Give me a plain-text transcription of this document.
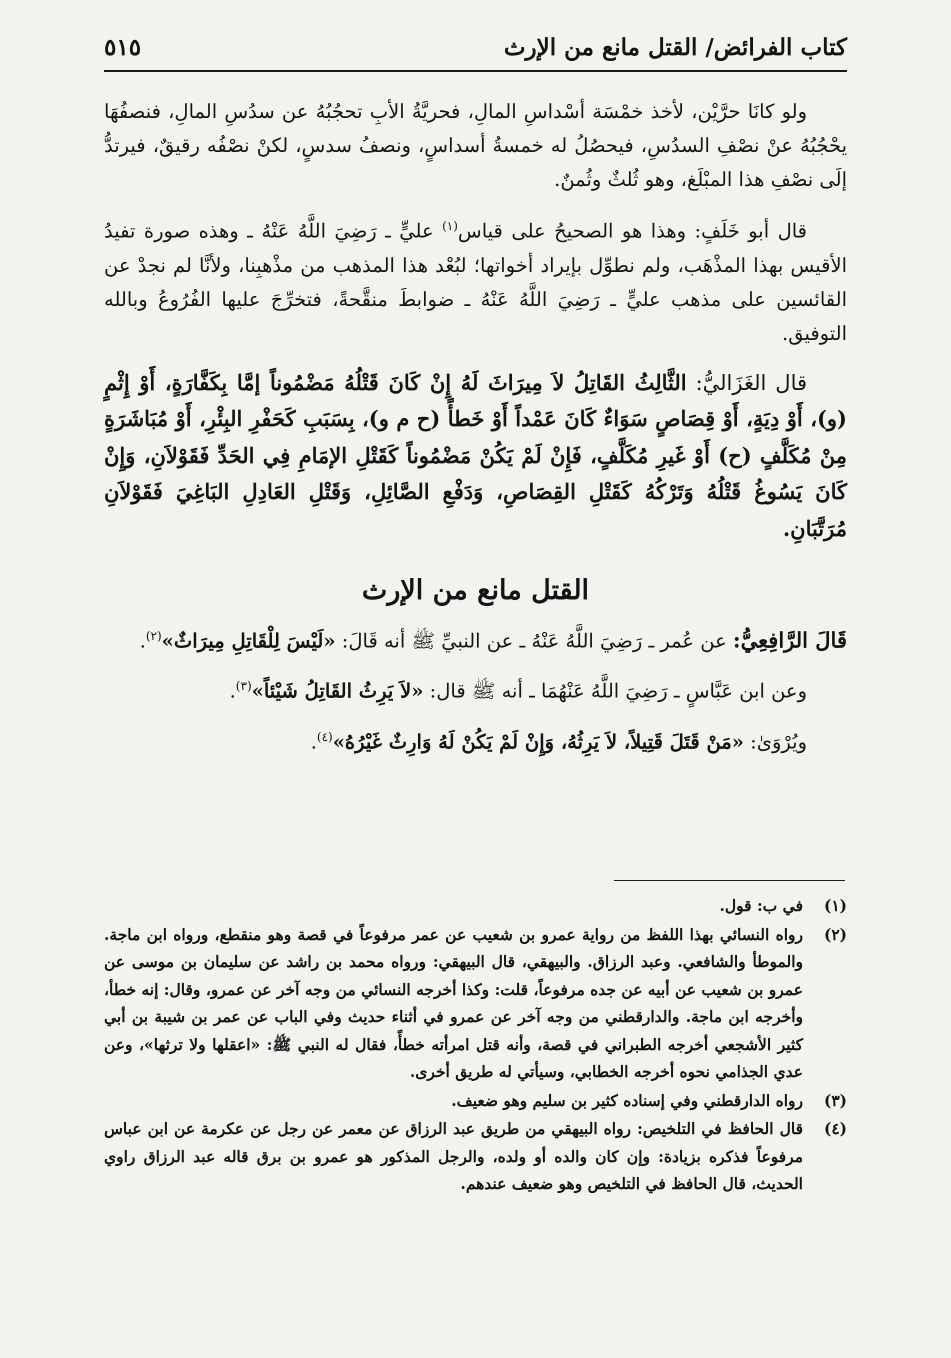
كتاب الفرائض/ القتل مانع من الإرث
٥١٥

ولو كانَا حرَّيْن، لأخذ خمْسَة أسْداسِ المالِ، فحريَّةُ الأبِ تحجُبُهُ عن سدُسِ المالِ، فنصفُهَا يحْجُبُهُ عنْ نصْفِ السدُسِ، فيحصُلُ له خمسةُ أسداسٍ، ونصفُ سدسٍ، لكنْ نصْفُه رقيقٌ، فيرتدُّ إلَى نصْفِ هذا المبْلَغ، وهو ثُلثٌ وثُمنٌ.

قال أبو خَلَفٍ: وهذا هو الصحيحُ على قياس$^{(١)}$ عليٍّ ـ رَضِيَ اللَّهُ عَنْهُ ـ وهذه صورة تفيدُ الأقيس بهذا المذْهَب، ولم نطوِّل بإيراد أخواتها؛ لبُعْد هذا المذهب من مذْهبِنا، ولأنَّا لم نجدْ عن القائسين على مذهب عليٍّ ـ رَضِيَ اللَّهُ عَنْهُ ـ ضوابطَ منقَّحةً، فتخرِّجَ عليها الفُرُوعُ وبالله التوفيق.

قال الغَزَاليُّ: الثَّالِثُ القَاتِلُ لاَ مِيرَاثَ لَهُ إِنْ كَانَ قَتْلُهُ مَضْمُوناً إمَّا بِكَفَّارَةٍ، أَوْ إِثْمٍ (و)، أَوْ دِيَةٍ، أَوْ قِصَاصٍ سَوَاءٌ كَانَ عَمْداً أَوْ خَطأً (ح م و)، بِسَبَبِ كَحَفْرِ البِئْرِ، أَوْ مُبَاشَرَةٍ مِنْ مُكَلَّفٍ (ح) أَوْ غَيرِ مُكَلَّفٍ، فَإِنْ لَمْ يَكُنْ مَضْمُوناً كَقَتْلِ الإمَامِ فِي الحَدِّ فَقَوْلاَنِ، وَإِنْ كَانَ يَسُوغُ قَتْلُهُ وَتَرْكُهُ كَقَتْلِ القِصَاصِ، وَدَفْعِ الصَّائِلِ، وَقَتْلِ العَادِلِ البَاغِيَ فَقَوْلاَنِ مُرَتَّبَانِ.

القتل مانع من الإرث

قَالَ الرَّافِعِيُّ: عن عُمر ـ رَضِيَ اللَّهُ عَنْهُ ـ عن النبيِّ ﷺ أنه قَالَ: «لَيْسَ لِلْقَاتِلِ مِيرَاثٌ»$^{(٢)}$.

وعن ابن عَبَّاسٍ ـ رَضِيَ اللَّهُ عَنْهُمَا ـ أنه ﷺ قال: «لاَ يَرِثُ القَاتِلُ شَيْئاً»$^{(٣)}$.

ويُرْوَىٰ: «مَنْ قَتَلَ قَتِيلاً، لاَ يَرِثُهُ، وَإِنْ لَمْ يَكُنْ لَهُ وَارِثٌ غَيْرُهُ»$^{(٤)}$.

(١)
في ب: قول.
(٢)
رواه النسائي بهذا اللفظ من رواية عمرو بن شعيب عن عمر مرفوعاً في قصة وهو منقطع، ورواه ابن ماجة. والموطأ والشافعي. وعبد الرزاق. والبيهقي، قال البيهقي: ورواه محمد بن راشد عن سليمان بن موسى عن عمرو بن شعيب عن أبيه عن جده مرفوعاً، قلت: وكذا أخرجه النسائي من وجه آخر عن عمرو، وقال: إنه خطأ، وأخرجه ابن ماجة. والدارقطني من وجه آخر عن عمرو في أثناء حديث وفي الباب عن عمر بن شيبة بن أبي كثير الأشجعي أخرجه الطبراني في قصة، وأنه قتل امرأته خطأً، فقال له النبي ﷺ: «اعقلها ولا ترثها»، وعن عدي الجذامي نحوه أخرجه الخطابي، وسيأتي له طريق أخرى.
(٣)
رواه الدارقطني وفي إسناده كثير بن سليم وهو ضعيف.
(٤)
قال الحافظ في التلخيص: رواه البيهقي من طريق عبد الرزاق عن معمر عن رجل عن عكرمة عن ابن عباس مرفوعاً فذكره بزيادة: وإن كان والده أو ولده، والرجل المذكور هو عمرو بن برق قاله عبد الرزاق راوي الحديث، قال الحافظ في التلخيص وهو ضعيف عندهم.
